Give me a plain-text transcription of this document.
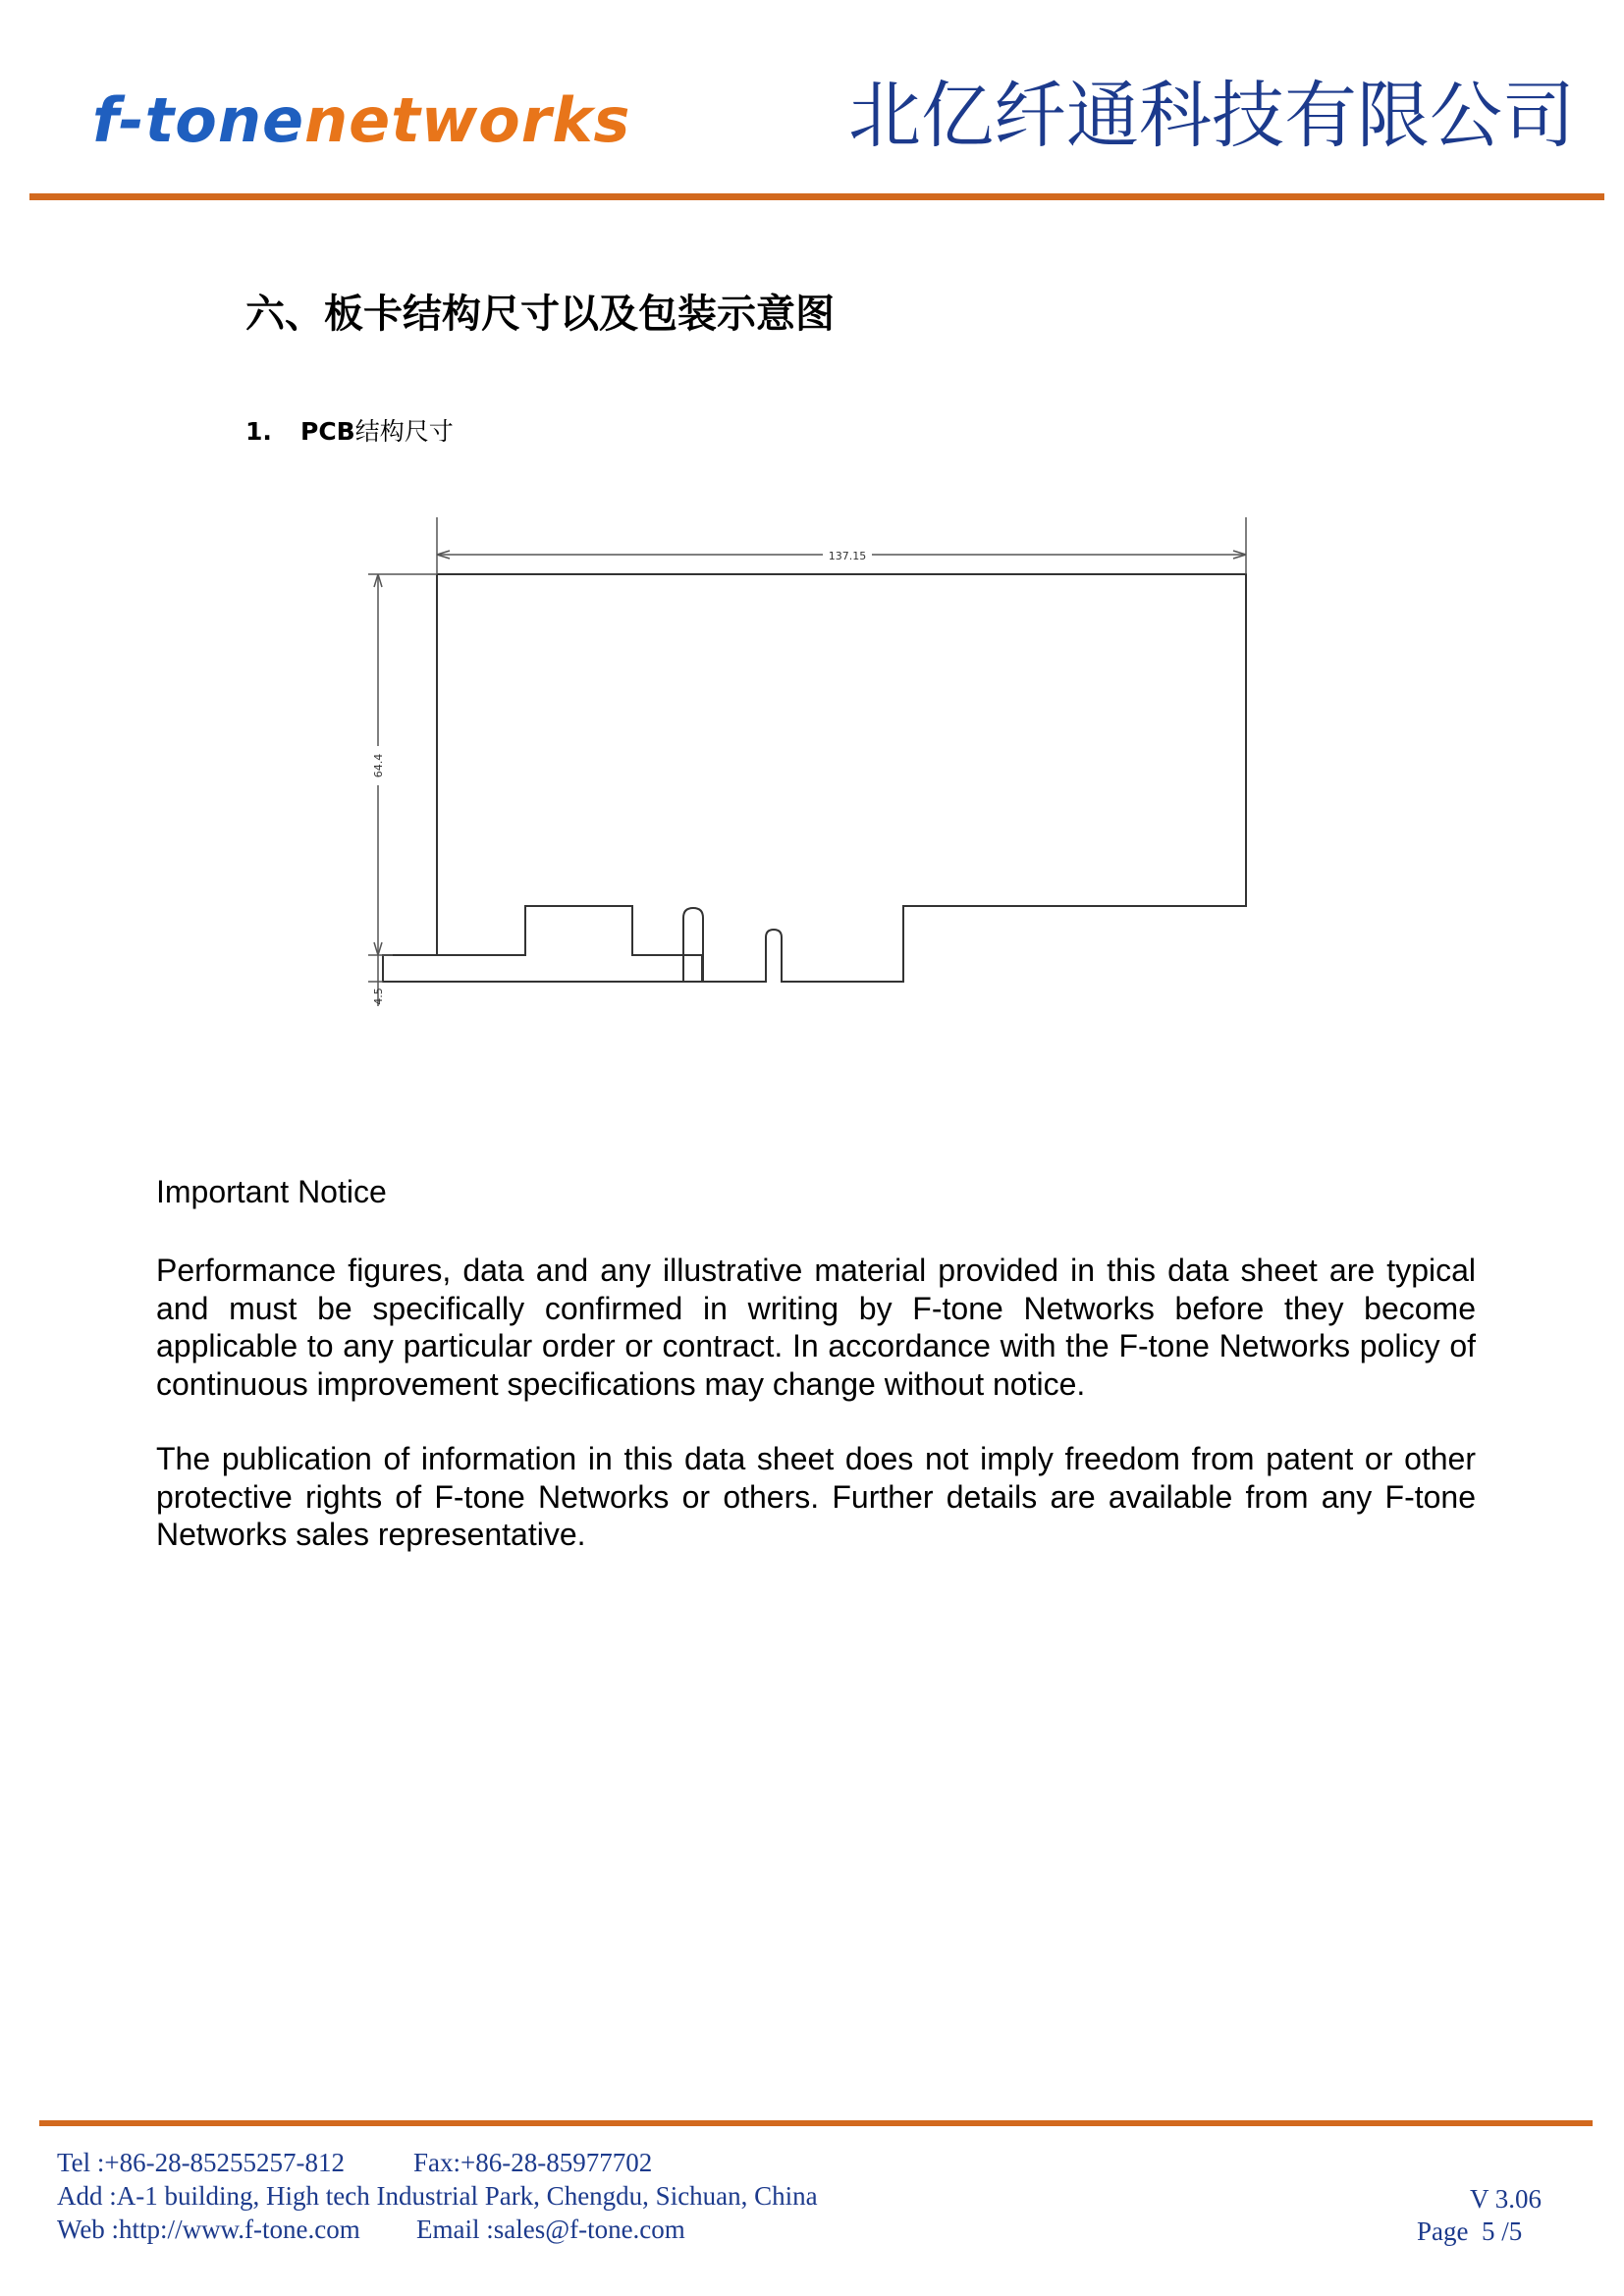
f-tonenetworks	北亿纤通科技有限公司
六、板卡结构尺寸以及包装示意图
1. PCB结构尺寸
137.15
64.4
4.5
Important Notice

Performance figures, data and any illustrative material provided in this data sheet are typical and must be specifically confirmed in writing by F-tone Networks before they become applicable to any particular order or contract. In accordance with the F-tone Networks policy of continuous improvement specifications may change without notice.

The publication of information in this data sheet does not imply freedom from patent or other protective rights of F-tone Networks or others. Further details are available from any F-tone Networks sales representative.

Tel :+86-28-85255257-812	Fax:+86-28-85977702
Add :A-1 building, High tech Industrial Park, Chengdu, Sichuan, China
Web :http://www.f-tone.com Email :sales@f-tone.com
V 3.06
Page 5 /5
